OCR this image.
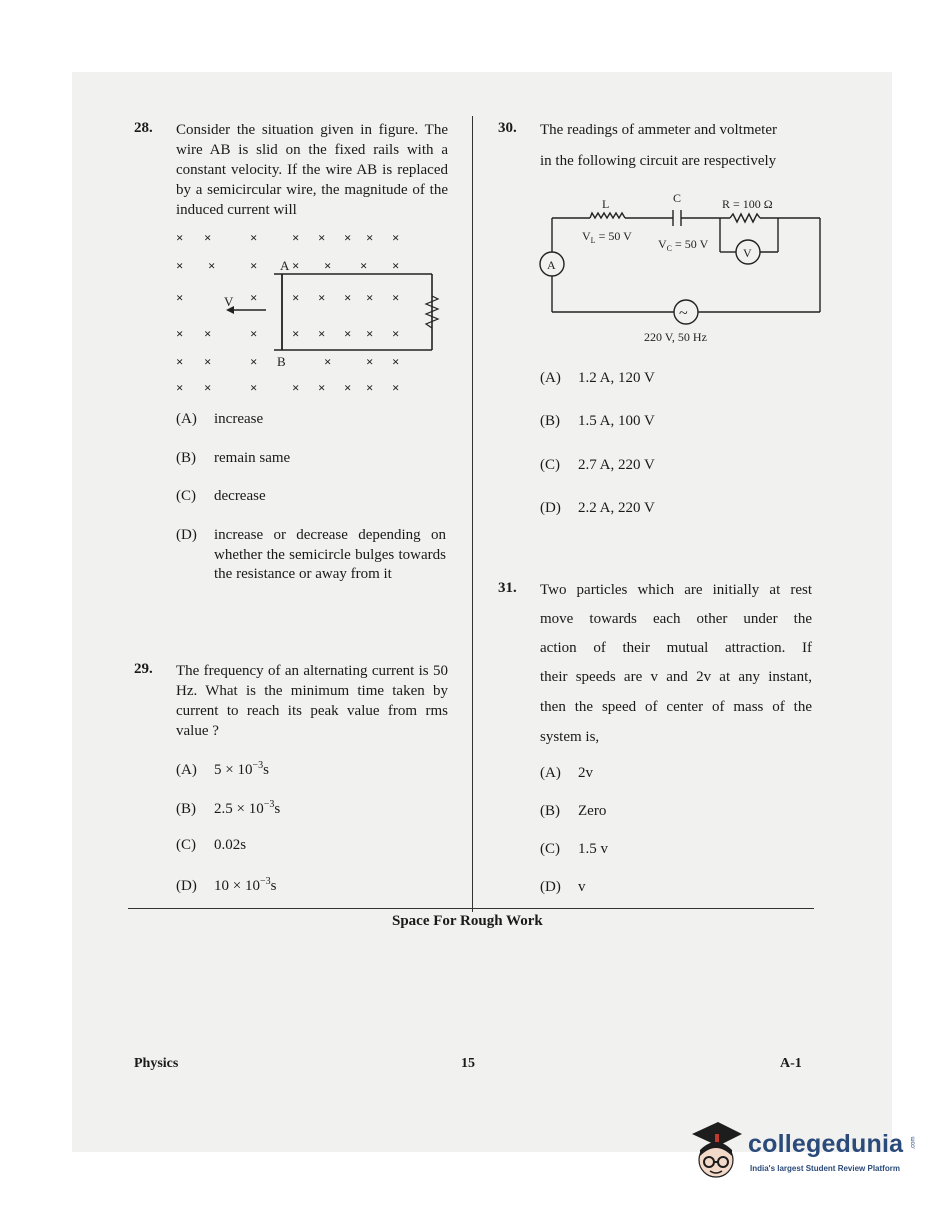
28. Consider the situation given in figure. The wire AB is slid on the fixed rails with a constant velocity. If the wire AB is replaced by a semicircular wire, the magnitude of the induced current will
× ×	×	× × × × ×
× ×	×	× × × ×
×	×	× × × × ×
× ×	×	× × × × ×
× ×	×	×	× ×
× ×	×	× × × × ×
A
B
V
(A) increase
(B) remain same
(C) decrease
(D)	increase or decrease depending on whether the semicircle bulges towards the resistance or away from it
29. The frequency of an alternating current is 50 Hz. What is the minimum time taken by current to reach its peak value from rms value ?
(A) $5 \times 10^{-3}s$
(B) $2.5 \times 10^{-3}s$
(C) 0.02s
(D) $10 \times 10^{-3}s$
30. The readings of ammeter and voltmeter
in the following circuit are respectively
A
V
~
L	C	R = 100 Ω
$V_L = 50$ V
$V_C = 50$ V
220 V, 50 Hz
(A) 1.2 A, 120 V
(B) 1.5 A, 100 V
(C) 2.7 A, 220 V
(D) 2.2 A, 220 V
31. Two particles which are initially at rest
move towards each other under the
action of their mutual attraction. If
their speeds are v and 2v at any instant,
then the speed of center of mass of the
system is,
(A) 2v
(B) Zero
(C) 1.5 v
(D) v
Space For Rough Work
Physics	15	A-1
collegedunia
India's largest Student Review Platform
.com
